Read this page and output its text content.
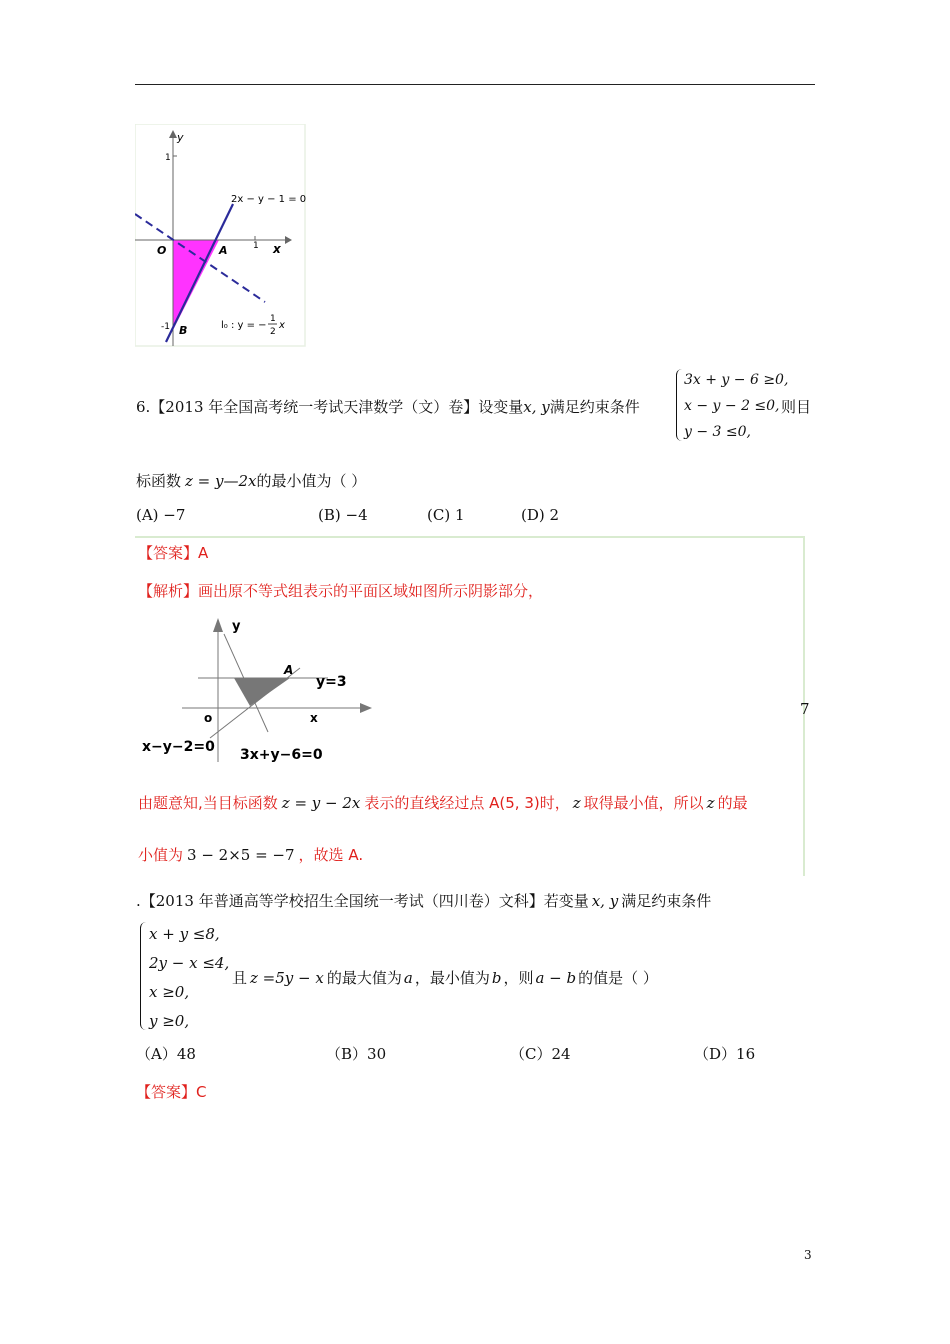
y
x
O
1
1
-1
A
B
2x − y − 1 = 0
l₀ : y = −
1
2
x
6.【2013 年全国高考统一考试天津数学（文）卷】设变量x, y满足约束条件
3x + y − 6 ≥0,
x − y − 2 ≤0,
y − 3 ≤0,
则目
标函数 z = y—2x的最小值为（ ）
(A) −7	(B) −4	(C) 1	(D) 2
【答案】A
【解析】画出原不等式组表示的平面区域如图所示阴影部分，
y
x
o
A
y=3
x−y−2=0 3x+y−6=0
7
由题意知,当目标函数 z = y − 2x 表示的直线经过点 A(5, 3)时， z 取得最小值，所以 z 的最
小值为 3 − 2×5 = −7 ，故选 A.
.【2013 年普通高等学校招生全国统一考试（四川卷）文科】若变量 x, y 满足约束条件
x + y ≤8,
2y − x ≤4,
x ≥0,
y ≥0,
且 z =5y − x 的最大值为 a ，最小值为 b ，则 a − b 的值是（ ）
（A）48	（B）30	（C）24	（D）16
【答案】C
3
